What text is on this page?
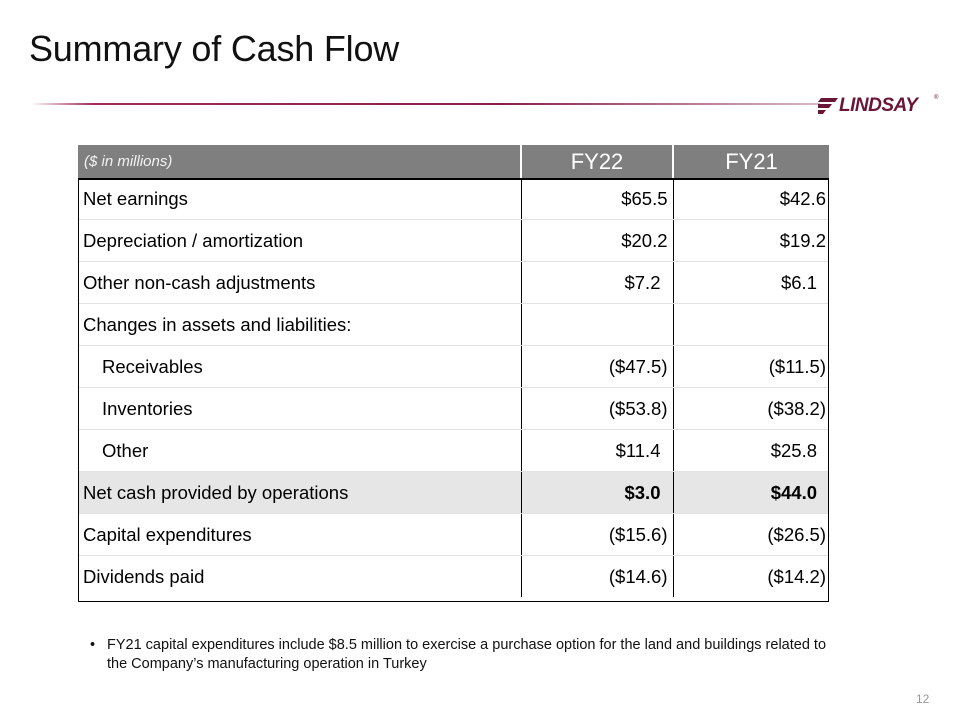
Summary of Cash Flow
LINDSAY	®
($ in millions)	FY22	FY21
Net earnings	$65.5	$42.6
Depreciation / amortization	$20.2	$19.2
Other non-cash adjustments	$7.2	$6.1
Changes in assets and liabilities:		
Receivables	($47.5)	($11.5)
Inventories	($53.8)	($38.2)
Other	$11.4	$25.8
Net cash provided by operations	$3.0	$44.0
Capital expenditures	($15.6)	($26.5)
Dividends paid	($14.6)	($14.2)
• FY21 capital expenditures include $8.5 million to exercise a purchase option for the land and buildings related to the Company’s manufacturing operation in Turkey
12
